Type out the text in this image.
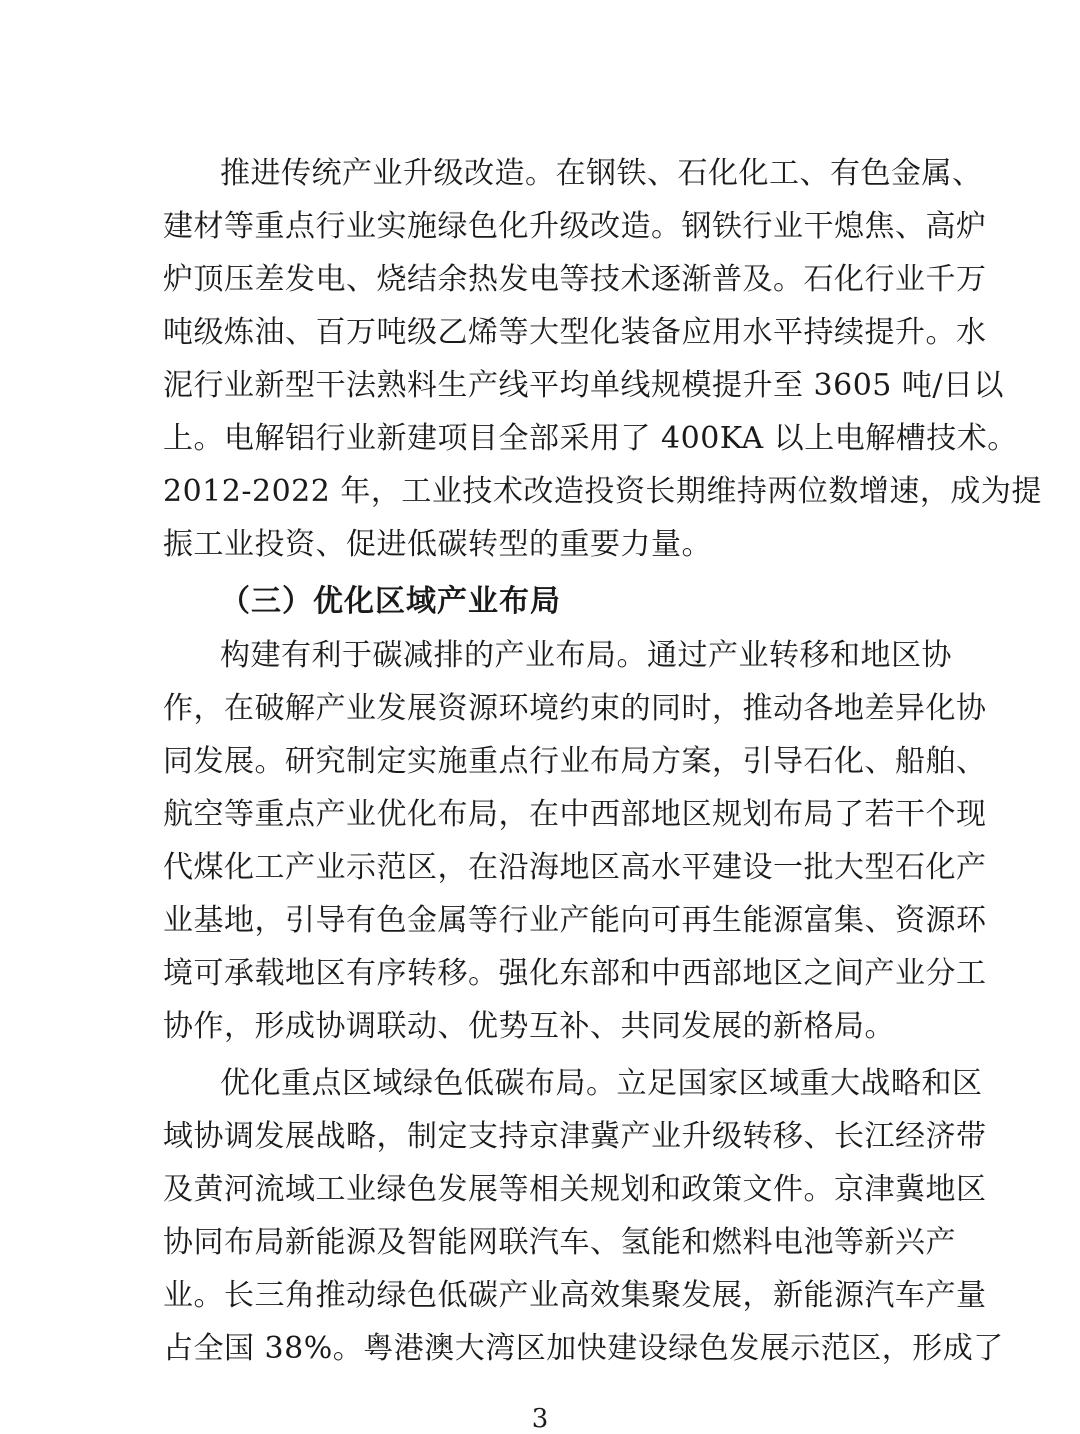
推进传统产业升级改造。在钢铁、石化化工、有色金属、
建材等重点行业实施绿色化升级改造。钢铁行业干熄焦、高炉
炉顶压差发电、烧结余热发电等技术逐渐普及。石化行业千万
吨级炼油、百万吨级乙烯等大型化装备应用水平持续提升。水
泥行业新型干法熟料生产线平均单线规模提升至 3605 吨/日以
上。电解铝行业新建项目全部采用了 400KA 以上电解槽技术。
2012-2022 年，工业技术改造投资长期维持两位数增速，成为提
振工业投资、促进低碳转型的重要力量。
（三）优化区域产业布局
构建有利于碳减排的产业布局。通过产业转移和地区协
作，在破解产业发展资源环境约束的同时，推动各地差异化协
同发展。研究制定实施重点行业布局方案，引导石化、船舶、
航空等重点产业优化布局，在中西部地区规划布局了若干个现
代煤化工产业示范区，在沿海地区高水平建设一批大型石化产
业基地，引导有色金属等行业产能向可再生能源富集、资源环
境可承载地区有序转移。强化东部和中西部地区之间产业分工
协作，形成协调联动、优势互补、共同发展的新格局。
优化重点区域绿色低碳布局。立足国家区域重大战略和区
域协调发展战略，制定支持京津冀产业升级转移、长江经济带
及黄河流域工业绿色发展等相关规划和政策文件。京津冀地区
协同布局新能源及智能网联汽车、氢能和燃料电池等新兴产
业。长三角推动绿色低碳产业高效集聚发展，新能源汽车产量
占全国 38%。粤港澳大湾区加快建设绿色发展示范区，形成了
3
